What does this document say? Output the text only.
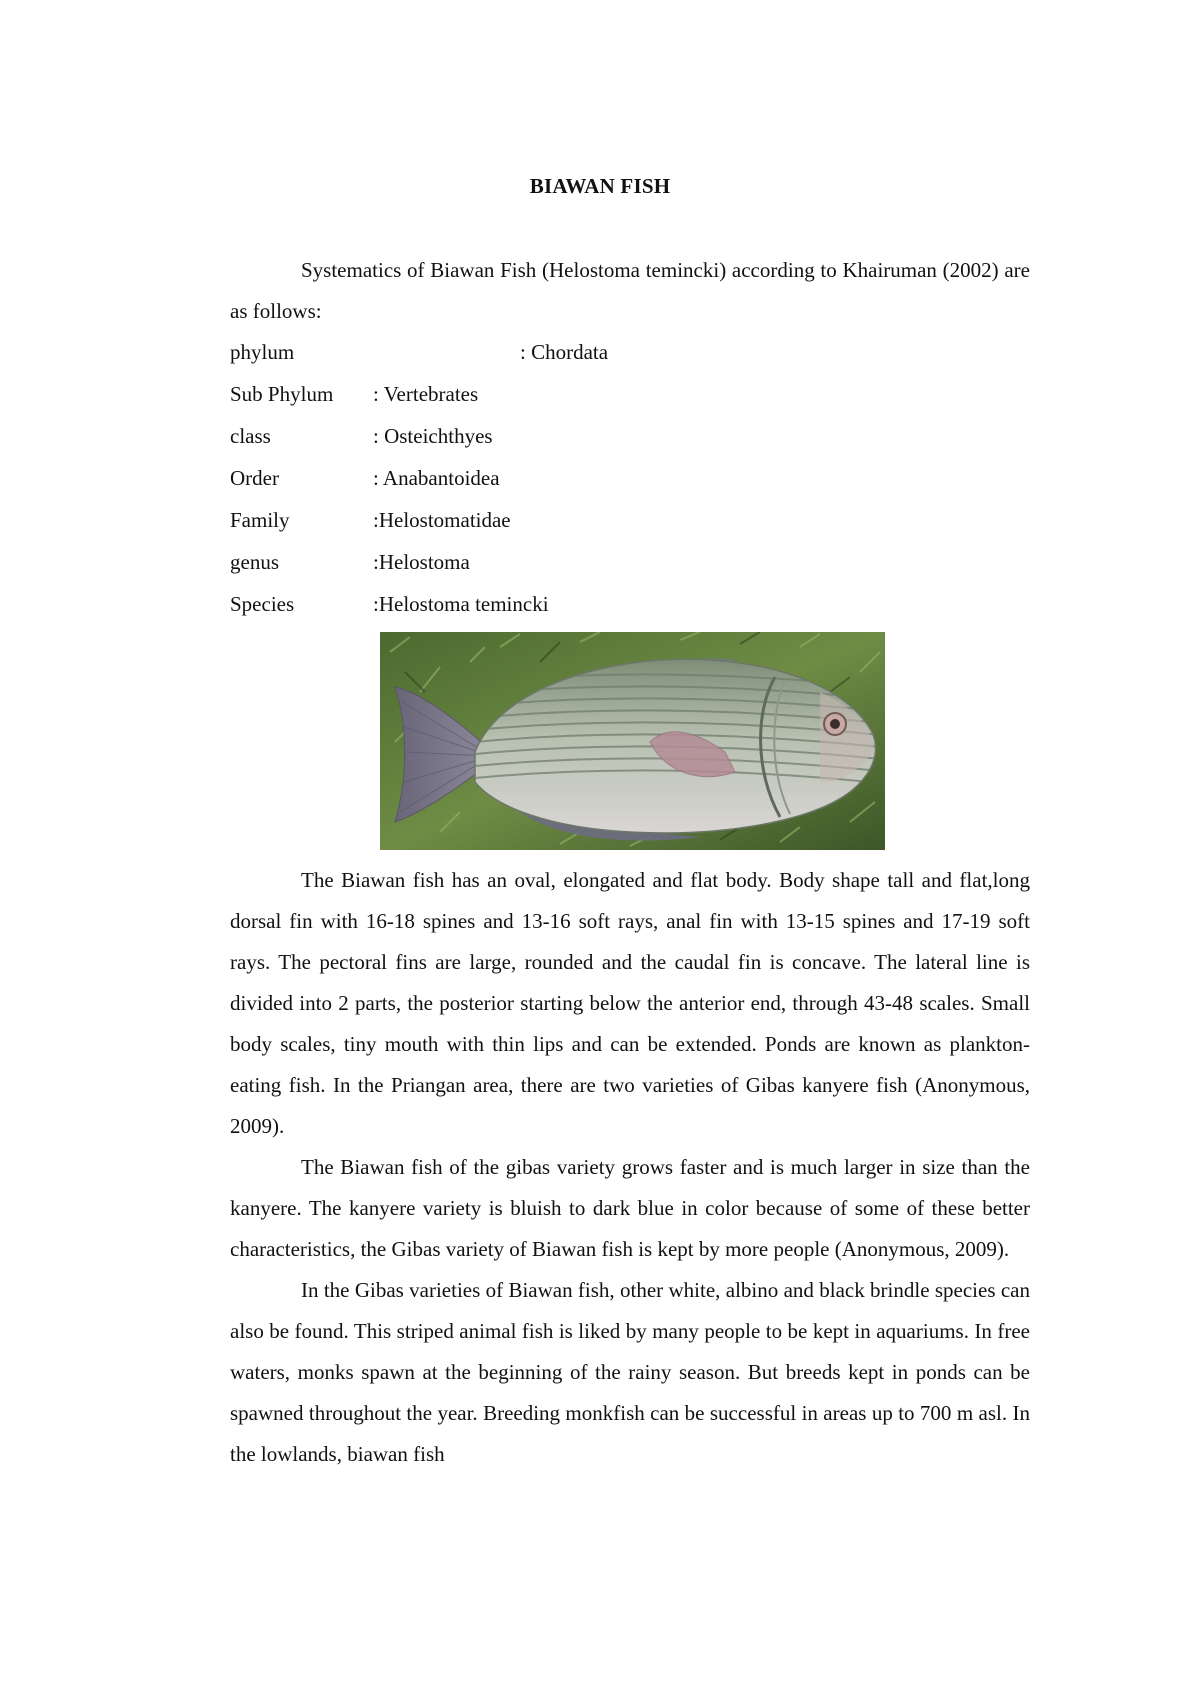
BIAWAN FISH

Systematics of Biawan Fish (Helostoma temincki) according to Khairuman (2002) are as follows:

phylum	: Chordata
Sub Phylum : Vertebrates
class	: Osteichthyes
Order	: Anabantoidea
Family	:Helostomatidae
genus	:Helostoma
Species	:Helostoma temincki

The Biawan fish has an oval, elongated and flat body. Body shape tall and flat,long dorsal fin with 16-18 spines and 13-16 soft rays, anal fin with 13-15 spines and 17-19 soft rays. The pectoral fins are large, rounded and the caudal fin is concave. The lateral line is divided into 2 parts, the posterior starting below the anterior end, through 43-48 scales. Small body scales, tiny mouth with thin lips and can be extended. Ponds are known as plankton-eating fish. In the Priangan area, there are two varieties of Gibas kanyere fish (Anonymous, 2009).

The Biawan fish of the gibas variety grows faster and is much larger in size than the kanyere. The kanyere variety is bluish to dark blue in color because of some of these better characteristics, the Gibas variety of Biawan fish is kept by more people (Anonymous, 2009).

In the Gibas varieties of Biawan fish, other white, albino and black brindle species can also be found. This striped animal fish is liked by many people to be kept in aquariums. In free waters, monks spawn at the beginning of the rainy season. But breeds kept in ponds can be spawned throughout the year. Breeding monkfish can be successful in areas up to 700 m asl. In the lowlands, biawan fish
